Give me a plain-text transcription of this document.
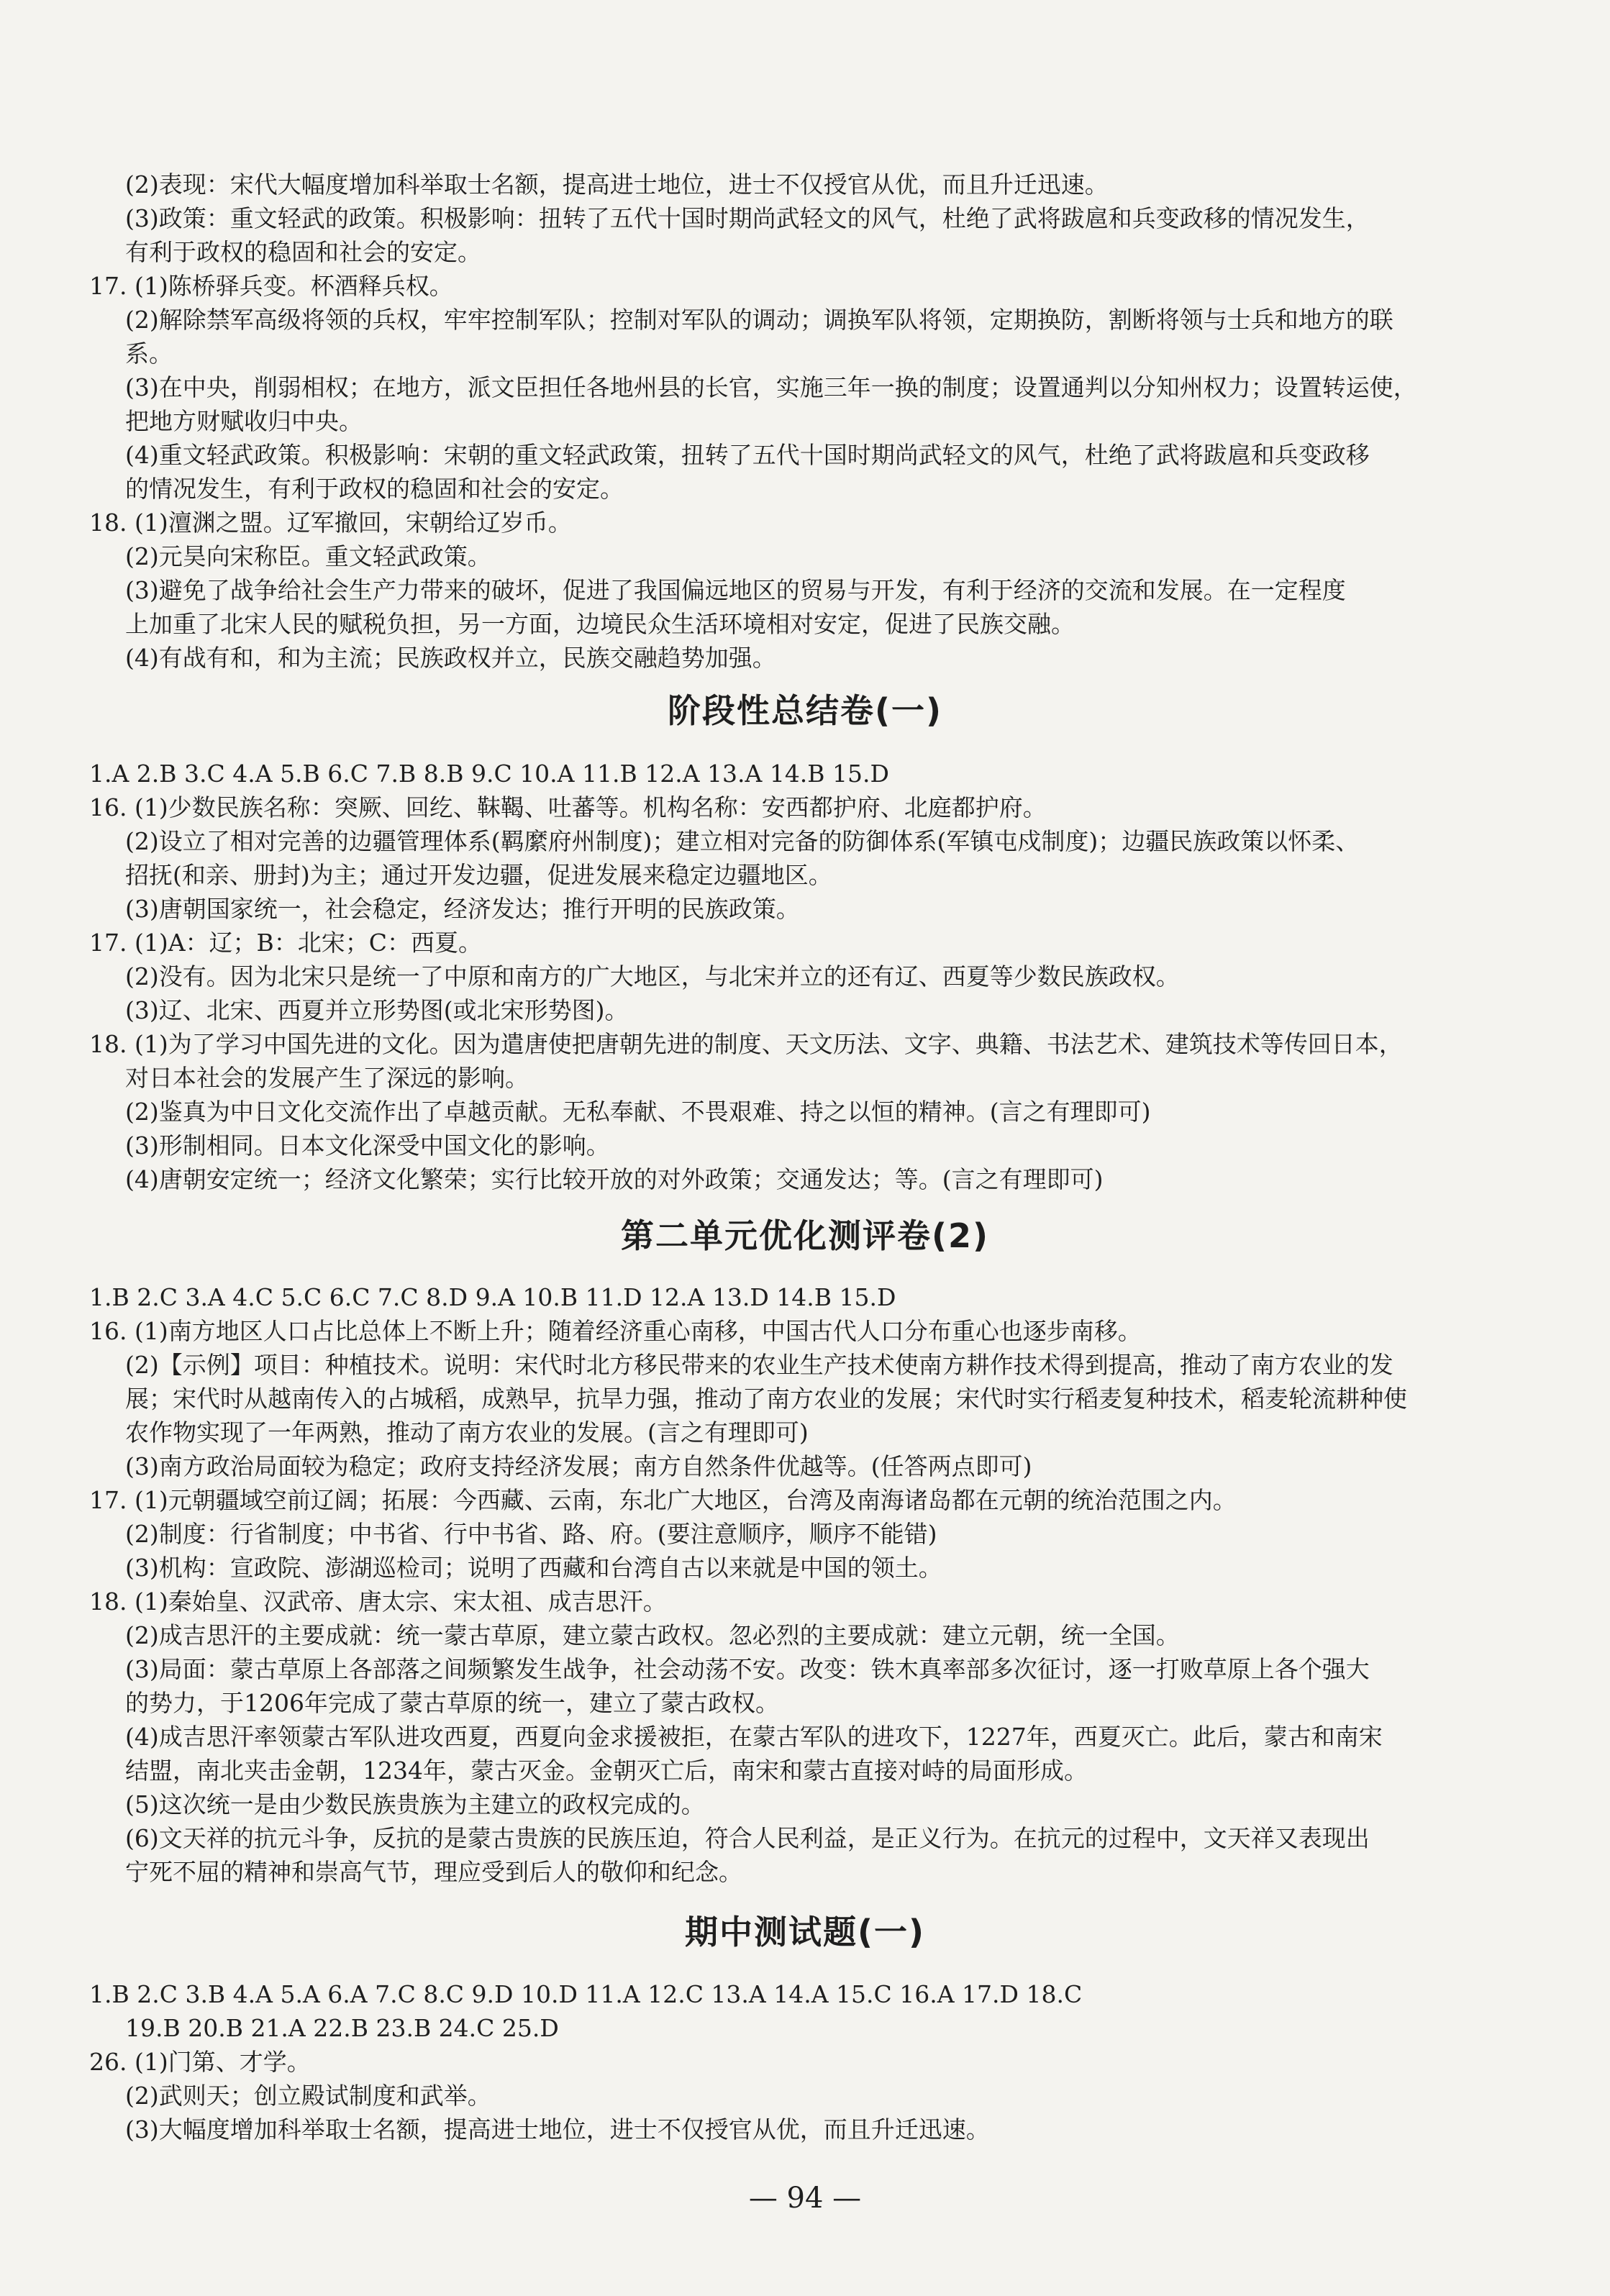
(2)表现：宋代大幅度增加科举取士名额，提高进士地位，进士不仅授官从优，而且升迁迅速。
(3)政策：重文轻武的政策。积极影响：扭转了五代十国时期尚武轻文的风气，杜绝了武将跋扈和兵变政移的情况发生，
有利于政权的稳固和社会的安定。
17. (1)陈桥驿兵变。杯酒释兵权。
(2)解除禁军高级将领的兵权，牢牢控制军队；控制对军队的调动；调换军队将领，定期换防，割断将领与士兵和地方的联
系。
(3)在中央，削弱相权；在地方，派文臣担任各地州县的长官，实施三年一换的制度；设置通判以分知州权力；设置转运使，
把地方财赋收归中央。
(4)重文轻武政策。积极影响：宋朝的重文轻武政策，扭转了五代十国时期尚武轻文的风气，杜绝了武将跋扈和兵变政移
的情况发生，有利于政权的稳固和社会的安定。
18. (1)澶渊之盟。辽军撤回，宋朝给辽岁币。
(2)元昊向宋称臣。重文轻武政策。
(3)避免了战争给社会生产力带来的破坏，促进了我国偏远地区的贸易与开发，有利于经济的交流和发展。在一定程度
上加重了北宋人民的赋税负担，另一方面，边境民众生活环境相对安定，促进了民族交融。
(4)有战有和，和为主流；民族政权并立，民族交融趋势加强。
阶段性总结卷(一)
1.A 2.B 3.C 4.A 5.B 6.C 7.B 8.B 9.C 10.A 11.B 12.A 13.A 14.B 15.D
16. (1)少数民族名称：突厥、回纥、靺鞨、吐蕃等。机构名称：安西都护府、北庭都护府。
(2)设立了相对完善的边疆管理体系(羁縻府州制度)；建立相对完备的防御体系(军镇屯戍制度)；边疆民族政策以怀柔、
招抚(和亲、册封)为主；通过开发边疆，促进发展来稳定边疆地区。
(3)唐朝国家统一，社会稳定，经济发达；推行开明的民族政策。
17. (1)A：辽；B：北宋；C：西夏。
(2)没有。因为北宋只是统一了中原和南方的广大地区，与北宋并立的还有辽、西夏等少数民族政权。
(3)辽、北宋、西夏并立形势图(或北宋形势图)。
18. (1)为了学习中国先进的文化。因为遣唐使把唐朝先进的制度、天文历法、文字、典籍、书法艺术、建筑技术等传回日本，
对日本社会的发展产生了深远的影响。
(2)鉴真为中日文化交流作出了卓越贡献。无私奉献、不畏艰难、持之以恒的精神。(言之有理即可)
(3)形制相同。日本文化深受中国文化的影响。
(4)唐朝安定统一；经济文化繁荣；实行比较开放的对外政策；交通发达；等。(言之有理即可)
第二单元优化测评卷(2)
1.B 2.C 3.A 4.C 5.C 6.C 7.C 8.D 9.A 10.B 11.D 12.A 13.D 14.B 15.D
16. (1)南方地区人口占比总体上不断上升；随着经济重心南移，中国古代人口分布重心也逐步南移。
(2)【示例】项目：种植技术。说明：宋代时北方移民带来的农业生产技术使南方耕作技术得到提高，推动了南方农业的发
展；宋代时从越南传入的占城稻，成熟早，抗旱力强，推动了南方农业的发展；宋代时实行稻麦复种技术，稻麦轮流耕种使
农作物实现了一年两熟，推动了南方农业的发展。(言之有理即可)
(3)南方政治局面较为稳定；政府支持经济发展；南方自然条件优越等。(任答两点即可)
17. (1)元朝疆域空前辽阔；拓展：今西藏、云南，东北广大地区，台湾及南海诸岛都在元朝的统治范围之内。
(2)制度：行省制度；中书省、行中书省、路、府。(要注意顺序，顺序不能错)
(3)机构：宣政院、澎湖巡检司；说明了西藏和台湾自古以来就是中国的领土。
18. (1)秦始皇、汉武帝、唐太宗、宋太祖、成吉思汗。
(2)成吉思汗的主要成就：统一蒙古草原，建立蒙古政权。忽必烈的主要成就：建立元朝，统一全国。
(3)局面：蒙古草原上各部落之间频繁发生战争，社会动荡不安。改变：铁木真率部多次征讨，逐一打败草原上各个强大
的势力，于1206年完成了蒙古草原的统一，建立了蒙古政权。
(4)成吉思汗率领蒙古军队进攻西夏，西夏向金求援被拒，在蒙古军队的进攻下，1227年，西夏灭亡。此后，蒙古和南宋
结盟，南北夹击金朝，1234年，蒙古灭金。金朝灭亡后，南宋和蒙古直接对峙的局面形成。
(5)这次统一是由少数民族贵族为主建立的政权完成的。
(6)文天祥的抗元斗争，反抗的是蒙古贵族的民族压迫，符合人民利益，是正义行为。在抗元的过程中，文天祥又表现出
宁死不屈的精神和崇高气节，理应受到后人的敬仰和纪念。
期中测试题(一)
1.B 2.C 3.B 4.A 5.A 6.A 7.C 8.C 9.D 10.D 11.A 12.C 13.A 14.A 15.C 16.A 17.D 18.C
19.B 20.B 21.A 22.B 23.B 24.C 25.D
26. (1)门第、才学。
(2)武则天；创立殿试制度和武举。
(3)大幅度增加科举取士名额，提高进士地位，进士不仅授官从优，而且升迁迅速。
— 94 —
